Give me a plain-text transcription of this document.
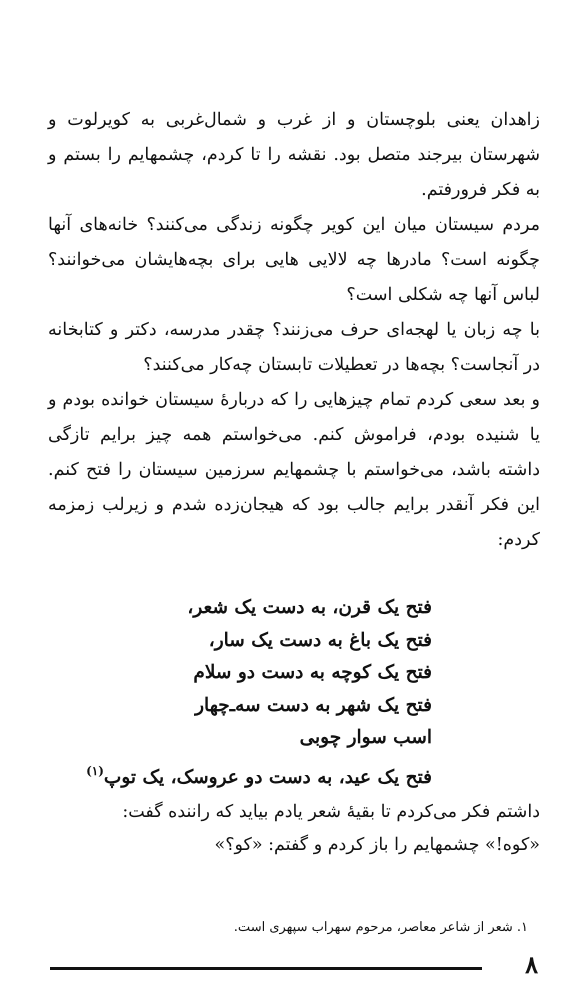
زاهدان یعنی بلوچستان و از غرب و شمال‌غربی به کویرلوت و شهرستان بیرجند متصل بود. نقشه را تا کردم، چشمهایم را بستم و به فکر فرورفتم.

مردم سیستان میان این کویر چگونه زندگی می‌کنند؟ خانه‌های آنها چگونه است؟ مادرها چه لالایی هایی برای بچه‌هایشان می‌خوانند؟ لباس آنها چه شکلی است؟

با چه زبان یا لهجه‌ای حرف می‌زنند؟ چقدر مدرسه، دکتر و کتابخانه در آنجاست؟ بچه‌ها در تعطیلات تابستان چه‌کار می‌کنند؟

و بعد سعی کردم تمام چیزهایی را که دربارهٔ سیستان خوانده بودم و یا شنیده بودم، فراموش کنم. می‌خواستم همه چیز برایم تازگی داشته باشد، می‌خواستم با چشمهایم سرزمین سیستان را فتح کنم. این فکر آنقدر برایم جالب بود که هیجان‌زده شدم و زیرلب زمزمه کردم:

فتح یک قرن، به دست یک شعر،
فتح یک باغ به دست یک سار،
فتح یک کوچه به دست دو سلام
فتح یک شهر به دست سه‌ـ‌چهار
اسب سوار چوبی
فتح یک عید، به دست دو عروسک، یک توپ$^{(۱)}$

داشتم فکر می‌کردم تا بقیهٔ شعر یادم بیاید که راننده گفت:

«کوه!» چشمهایم را باز کردم و گفتم: «کو؟»

۱. شعر از شاعر معاصر، مرحوم سهراب سپهری است.
۸
